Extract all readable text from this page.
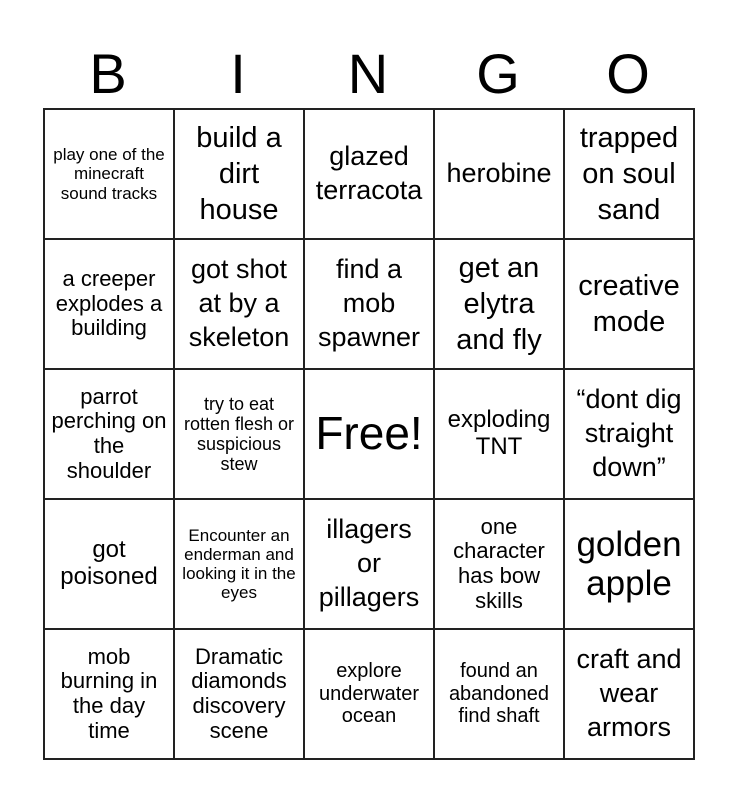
B	I	N	G	O
play one of the minecraft sound tracks	build a dirt house	glazed terracota	herobine	trapped on soul sand
a creeper explodes a building	got shot at by a skeleton	find a mob spawner	get an elytra and fly	creative mode
parrot perching on the shoulder	try to eat rotten flesh or suspicious stew	Free!	exploding TNT	“dont dig straight down”
got poisoned	Encounter an enderman and looking it in the eyes	illagers or pillagers	one character has bow skills	golden apple
mob burning in the day time	Dramatic diamonds discovery scene	explore underwater ocean	found an abandoned find shaft	craft and wear armors
